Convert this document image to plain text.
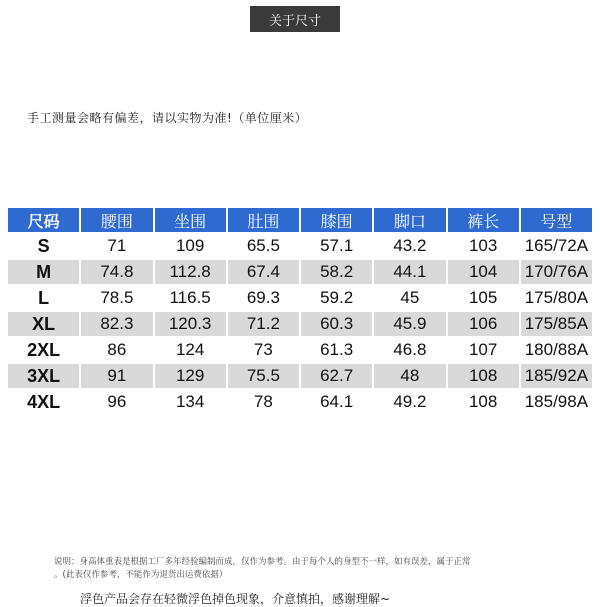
关于尺寸
手工测量会略有偏差，请以实物为准!（单位厘米）
尺码	腰围	坐围	肚围	膝围	脚口	裤长	号型
S	71	109	65.5	57.1	43.2	103	165/72A
M	74.8	112.8	67.4	58.2	44.1	104	170/76A
L	78.5	116.5	69.3	59.2	45	105	175/80A
XL	82.3	120.3	71.2	60.3	45.9	106	175/85A
2XL	86	124	73	61.3	46.8	107	180/88A
3XL	91	129	75.5	62.7	48	108	185/92A
4XL	96	134	78	64.1	49.2	108	185/98A
说明：身高体重表是根据工厂多年经验编制而成，仅作为参考。由于每个人的身型不一样，如有误差，属于正常
。(此表仅作参考，不能作为退货出运费依据）
浮色产品会存在轻微浮色掉色现象，介意慎拍，感谢理解~
